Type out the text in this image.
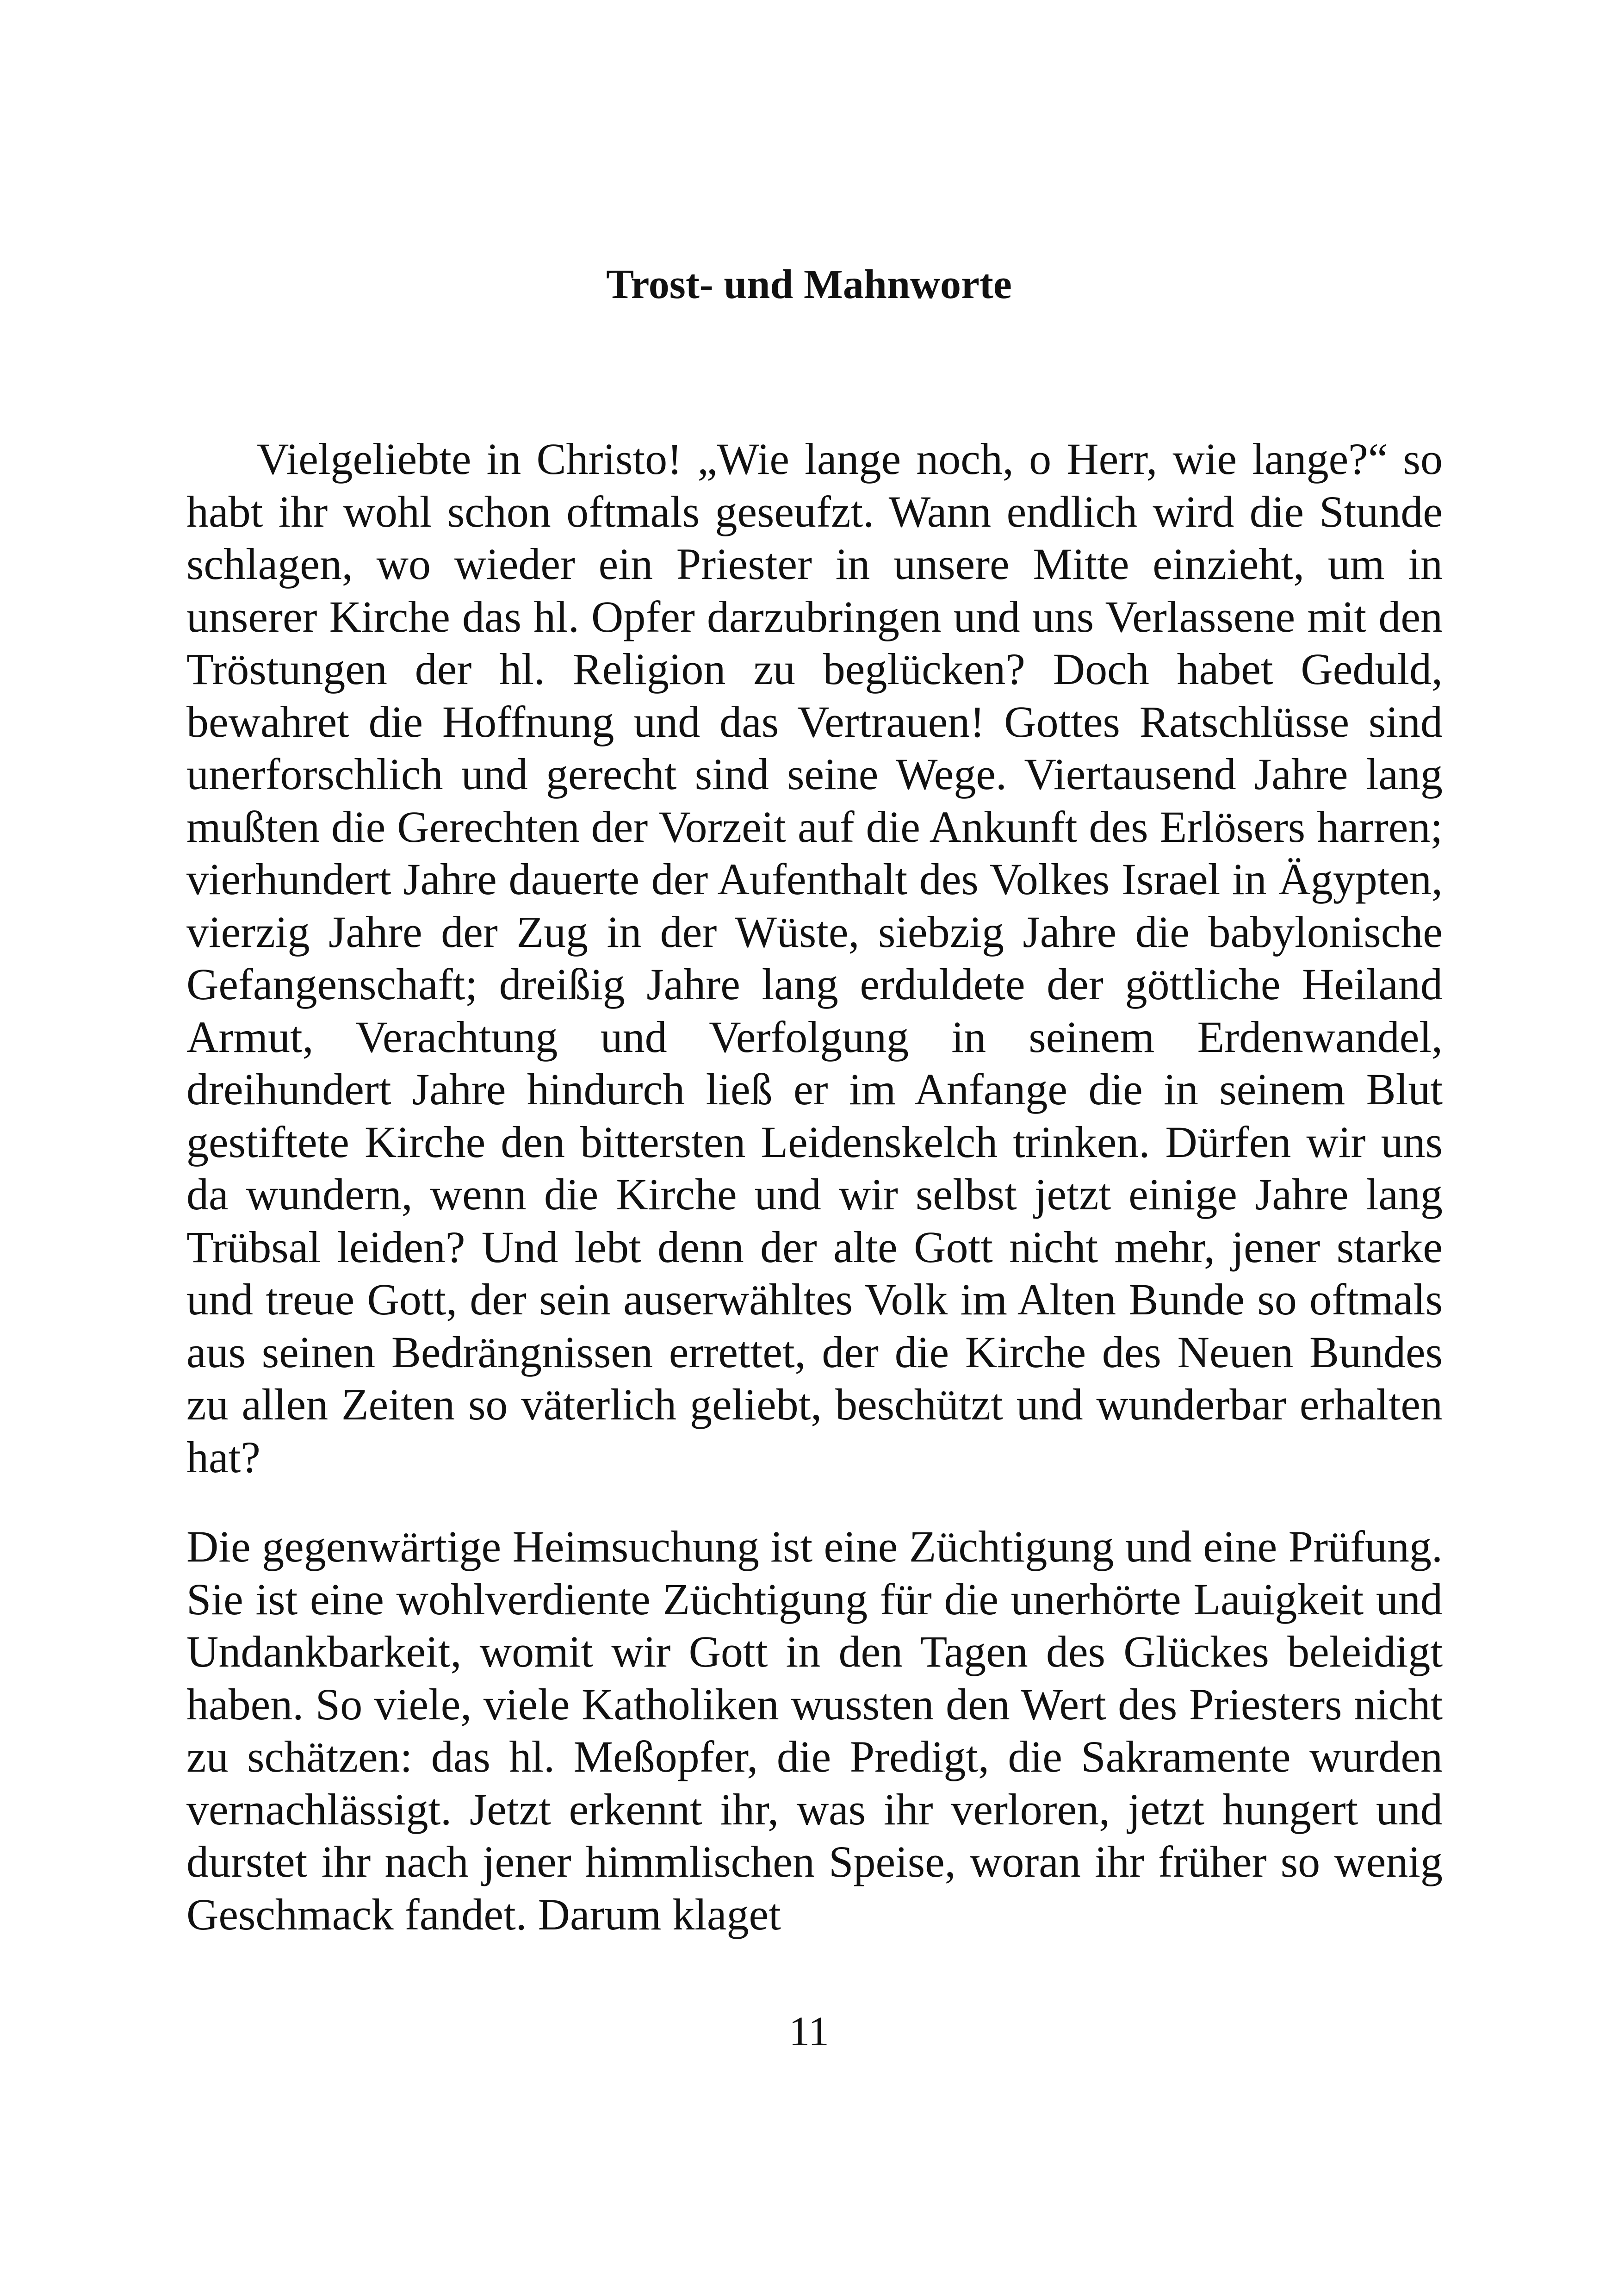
Trost- und Mahnworte

Vielgeliebte in Christo! „Wie lange noch, o Herr, wie lange?“ so habt ihr wohl schon oftmals geseufzt. Wann endlich wird die Stunde schlagen, wo wieder ein Priester in unsere Mitte einzieht, um in unserer Kirche das hl. Opfer darzubringen und uns Verlassene mit den Tröstungen der hl. Religion zu beglücken? Doch habet Geduld, bewahret die Hoffnung und das Vertrauen! Gottes Ratschlüsse sind unerforschlich und gerecht sind seine Wege. Viertausend Jahre lang mußten die Gerechten der Vorzeit auf die Ankunft des Erlösers harren; vierhundert Jahre dauerte der Aufenthalt des Volkes Israel in Ägypten, vierzig Jahre der Zug in der Wüste, siebzig Jahre die babylonische Gefangenschaft; dreißig Jahre lang erduldete der göttliche Heiland Armut, Verachtung und Verfolgung in seinem Erdenwandel, dreihundert Jahre hindurch ließ er im Anfange die in seinem Blut gestiftete Kirche den bittersten Leidenskelch trinken. Dürfen wir uns da wundern, wenn die Kirche und wir selbst jetzt einige Jahre lang Trübsal leiden? Und lebt denn der alte Gott nicht mehr, jener starke und treue Gott, der sein auserwähltes Volk im Alten Bunde so oftmals aus seinen Bedrängnissen errettet, der die Kirche des Neuen Bundes zu allen Zeiten so väterlich geliebt, beschützt und wunderbar erhalten hat?

Die gegenwärtige Heimsuchung ist eine Züchtigung und eine Prüfung. Sie ist eine wohlverdiente Züchtigung für die unerhörte Lauigkeit und Undankbarkeit, womit wir Gott in den Tagen des Glückes beleidigt haben. So viele, viele Katholiken wussten den Wert des Priesters nicht zu schätzen: das hl. Meßopfer, die Predigt, die Sakramente wurden vernachlässigt. Jetzt erkennt ihr, was ihr verloren, jetzt hungert und durstet ihr nach jener himmlischen Speise, woran ihr früher so wenig Geschmack fandet. Darum klaget

11
